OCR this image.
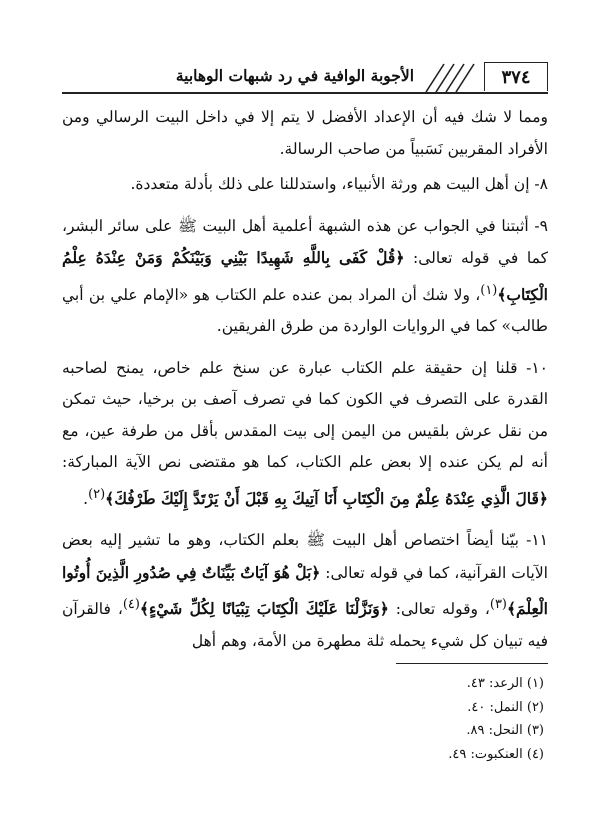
٣٧٤
الأجوبة الوافية في رد شبهات الوهابية

ومما لا شك فيه أن الإعداد الأفضل لا يتم إلا في داخل البيت الرسالي ومن الأفراد المقربين نَسَبياً من صاحب الرسالة.

٨- إن أهل البيت هم ورثة الأنبياء، واستدللنا على ذلك بأدلة متعددة.

٩- أثبتنا في الجواب عن هذه الشبهة أعلمية أهل البيت ﷺ على سائر البشر، كما في قوله تعالى: ﴿قُلْ كَفَى بِاللَّهِ شَهِيدًا بَيْنِي وَبَيْنَكُمْ وَمَنْ عِنْدَهُ عِلْمُ الْكِتَابِ﴾$^{(١)}$، ولا شك أن المراد بمن عنده علم الكتاب هو «الإمام علي بن أبي طالب» كما في الروايات الواردة من طرق الفريقين.

١٠- قلنا إن حقيقة علم الكتاب عبارة عن سنخ علم خاص، يمنح لصاحبه القدرة على التصرف في الكون كما في تصرف آصف بن برخيا، حيث تمكن من نقل عرش بلقيس من اليمن إلى بيت المقدس بأقل من طرفة عين، مع أنه لم يكن عنده إلا بعض علم الكتاب، كما هو مقتضى نص الآية المباركة: ﴿قَالَ الَّذِي عِنْدَهُ عِلْمٌ مِنَ الْكِتَابِ أَنَا آتِيكَ بِهِ قَبْلَ أَنْ يَرْتَدَّ إِلَيْكَ طَرْفُكَ﴾$^{(٢)}$.

١١- بيّنا أيضاً اختصاص أهل البيت ﷺ بعلم الكتاب، وهو ما تشير إليه بعض الآيات القرآنية، كما في قوله تعالى: ﴿بَلْ هُوَ آيَاتٌ بَيِّنَاتٌ فِي صُدُورِ الَّذِينَ أُوتُوا الْعِلْمَ﴾$^{(٣)}$، وقوله تعالى: ﴿وَنَزَّلْنَا عَلَيْكَ الْكِتَابَ تِبْيَانًا لِكُلِّ شَيْءٍ﴾$^{(٤)}$، فالقرآن فيه تبيان كل شيء يحمله ثلة مطهرة من الأمة، وهم أهل

(١) الرعد: ٤٣.
(٢) النمل: ٤٠.
(٣) النحل: ٨٩.
(٤) العنكبوت: ٤٩.
